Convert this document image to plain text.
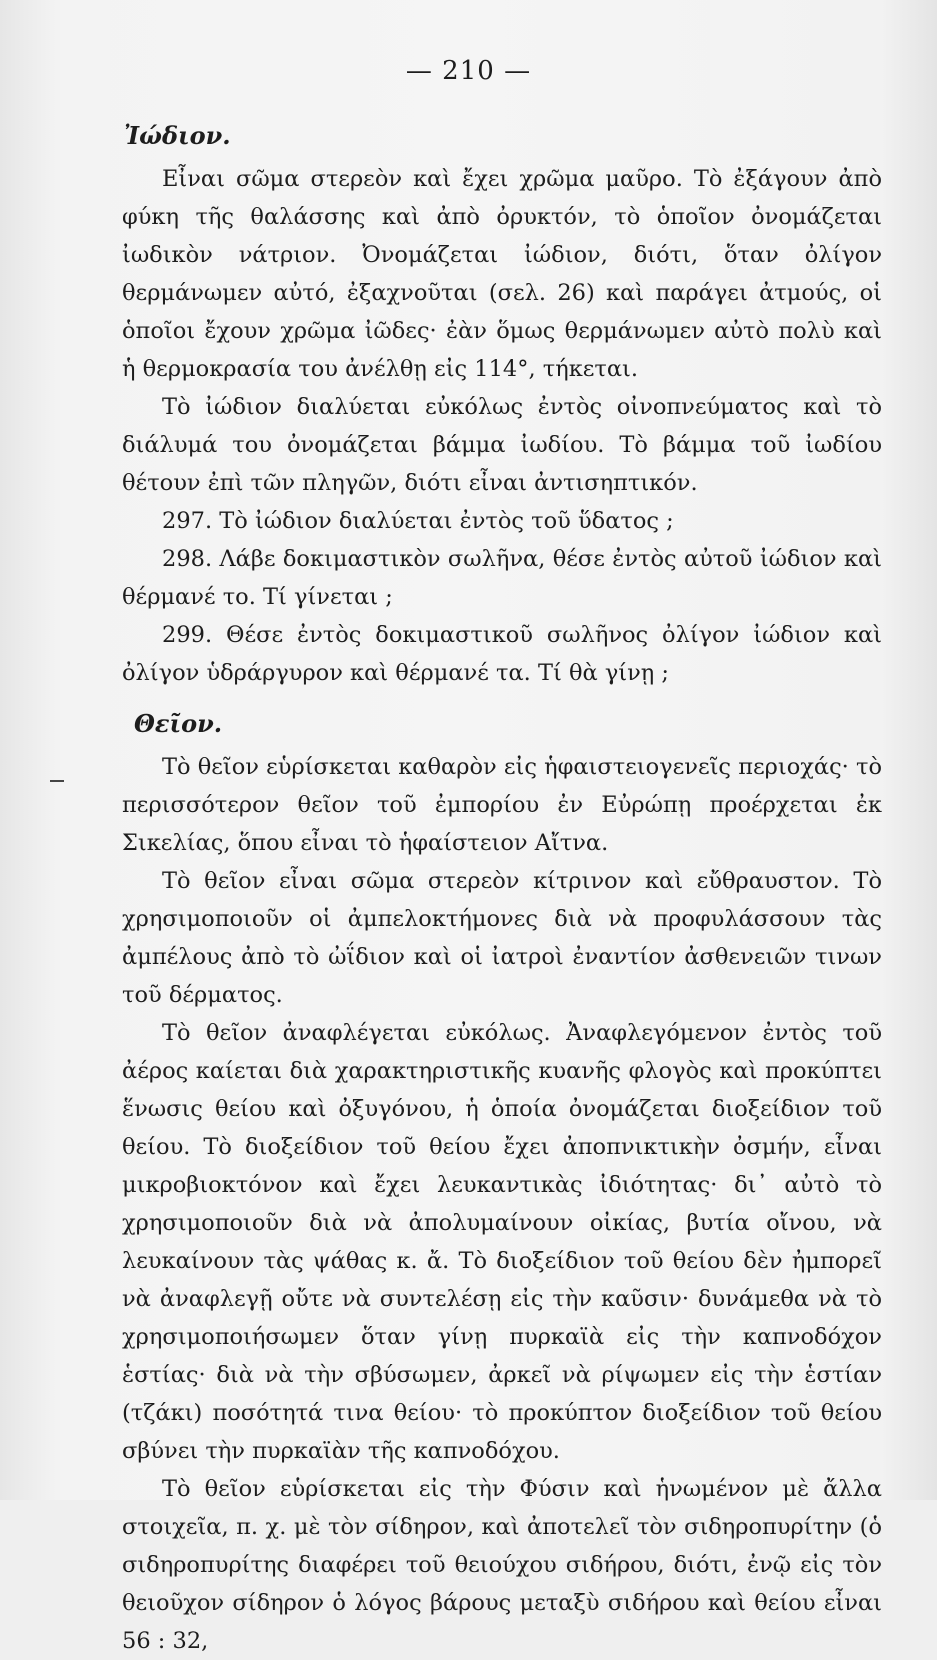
— 210 —
Ἰώδιον.

Εἶναι σῶμα στερεὸν καὶ ἔχει χρῶμα μαῦρο. Τὸ ἐξάγουν ἀπὸ φύκη τῆς θαλάσσης καὶ ἀπὸ ὀρυκτόν, τὸ ὁποῖον ὀνομάζεται ἰωδικὸν νάτριον. Ὀνομάζεται ἰώδιον, διότι, ὅταν ὀλίγον θερμάνωμεν αὐτό, ἐξαχνοῦται (σελ. 26) καὶ παράγει ἀτμούς, οἱ ὁποῖοι ἔχουν χρῶμα ἰῶδες· ἐὰν ὅμως θερμάνωμεν αὐτὸ πολὺ καὶ ἡ θερμοκρασία του ἀνέλθῃ εἰς 114°, τήκεται.

Τὸ ἰώδιον διαλύεται εὐκόλως ἐντὸς οἰνοπνεύματος καὶ τὸ διάλυμά του ὀνομάζεται βάμμα ἰωδίου. Τὸ βάμμα τοῦ ἰωδίου θέτουν ἐπὶ τῶν πληγῶν, διότι εἶναι ἀντισηπτικόν.

297. Τὸ ἰώδιον διαλύεται ἐντὸς τοῦ ὕδατος ;

298. Λάβε δοκιμαστικὸν σωλῆνα, θέσε ἐντὸς αὐτοῦ ἰώδιον καὶ θέρμανέ το. Τί γίνεται ;

299. Θέσε ἐντὸς δοκιμαστικοῦ σωλῆνος ὀλίγον ἰώδιον καὶ ὀλίγον ὑδράργυρον καὶ θέρμανέ τα. Τί θὰ γίνῃ ;

Θεῖον.

Τὸ θεῖον εὑρίσκεται καθαρὸν εἰς ἡφαιστειογενεῖς περιοχάς· τὸ περισσότερον θεῖον τοῦ ἐμπορίου ἐν Εὐρώπῃ προέρχεται ἐκ Σικελίας, ὅπου εἶναι τὸ ἡφαίστειον Αἴτνα.

Τὸ θεῖον εἶναι σῶμα στερεὸν κίτρινον καὶ εὔθραυστον. Τὸ χρησιμοποιοῦν οἱ ἀμπελοκτήμονες διὰ νὰ προφυλάσσουν τὰς ἀμπέλους ἀπὸ τὸ ὠΐδιον καὶ οἱ ἰατροὶ ἐναντίον ἀσθενειῶν τινων τοῦ δέρματος.

Τὸ θεῖον ἀναφλέγεται εὐκόλως. Ἀναφλεγόμενον ἐντὸς τοῦ ἀέρος καίεται διὰ χαρακτηριστικῆς κυανῆς φλογὸς καὶ προκύπτει ἕνωσις θείου καὶ ὀξυγόνου, ἡ ὁποία ὀνομάζεται διοξείδιον τοῦ θείου. Τὸ διοξείδιον τοῦ θείου ἔχει ἀποπνικτικὴν ὀσμήν, εἶναι μικροβιοκτόνον καὶ ἔχει λευκαντικὰς ἰδιότητας· δι᾽ αὐτὸ τὸ χρησιμοποιοῦν διὰ νὰ ἀπολυμαίνουν οἰκίας, βυτία οἴνου, νὰ λευκαίνουν τὰς ψάθας κ. ἄ. Τὸ διοξείδιον τοῦ θείου δὲν ἠμπορεῖ νὰ ἀναφλεγῇ οὔτε νὰ συντελέσῃ εἰς τὴν καῦσιν· δυνάμεθα νὰ τὸ χρησιμοποιήσωμεν ὅταν γίνῃ πυρκαϊὰ εἰς τὴν καπνοδόχον ἑστίας· διὰ νὰ τὴν σβύσωμεν, ἀρκεῖ νὰ ρίψωμεν εἰς τὴν ἑστίαν (τζάκι) ποσότητά τινα θείου· τὸ προκύπτον διοξείδιον τοῦ θείου σβύνει τὴν πυρκαϊὰν τῆς καπνοδόχου.

Τὸ θεῖον εὑρίσκεται εἰς τὴν Φύσιν καὶ ἡνωμένον μὲ ἄλλα στοιχεῖα, π. χ. μὲ τὸν σίδηρον, καὶ ἀποτελεῖ τὸν σιδηροπυρίτην (ὁ σιδηροπυρίτης διαφέρει τοῦ θειούχου σιδήρου, διότι, ἐνῷ εἰς τὸν θειοῦχον σίδηρον ὁ λόγος βάρους μεταξὺ σιδήρου καὶ θείου εἶναι 56 : 32,
